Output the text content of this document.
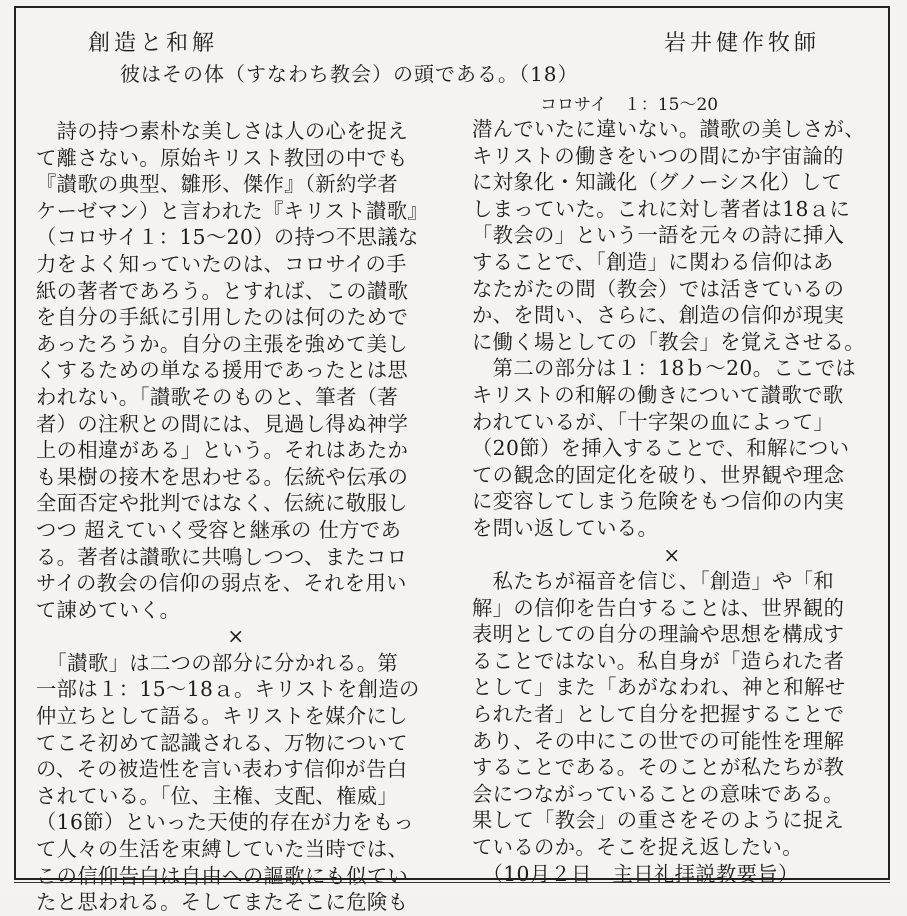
創造と和解	岩井健作牧師
彼はその体（すなわち教会）の頭である。（18）
コロサイ　１：15〜20
　詩の持つ素朴な美しさは人の心を捉え
て離さない。原始キリスト教団の中でも
『讃歌の典型、雛形、傑作』（新約学者
ケーゼマン）と言われた『キリスト讃歌』
（コロサイ１：15〜20）の持つ不思議な
力をよく知っていたのは、コロサイの手
紙の著者であろう。とすれば、この讃歌
を自分の手紙に引用したのは何のためで
あったろうか。自分の主張を強めて美し
くするための単なる援用であったとは思
われない。「讃歌そのものと、筆者（著
者）の注釈との間には、見過し得ぬ神学
上の相違がある」という。それはあたか
も果樹の接木を思わせる。伝統や伝承の
全面否定や批判ではなく、伝統に敬服し
つつ 超えていく受容と継承の 仕方であ
る。著者は讃歌に共鳴しつつ、またコロ
サイの教会の信仰の弱点を、それを用い
て諌めていく。
×
　「讃歌」は二つの部分に分かれる。第
一部は１：15〜18ａ。キリストを創造の
仲立ちとして語る。キリストを媒介にし
てこそ初めて認識される、万物について
の、その被造性を言い表わす信仰が告白
されている。「位、主権、支配、権威」
（16節）といった天使的存在が力をもっ
て人々の生活を束縛していた当時では、
この信仰告白は自由への謳歌にも似てい
たと思われる。そしてまたそこに危険も
潜んでいたに違いない。讃歌の美しさが、
キリストの働きをいつの間にか宇宙論的
に対象化・知識化（グノーシス化）して
しまっていた。これに対し著者は18ａに
「教会の」という一語を元々の詩に挿入
することで、「創造」に関わる信仰はあ
なたがたの間（教会）では活きているの
か、を問い、さらに、創造の信仰が現実
に働く場としての「教会」を覚えさせる。
　第二の部分は１：18ｂ〜20。ここでは
キリストの和解の働きについて讃歌で歌
われているが、「十字架の血によって」
（20節）を挿入することで、和解につい
ての観念的固定化を破り、世界観や理念
に変容してしまう危険をもつ信仰の内実
を問い返している。
×
　私たちが福音を信じ、「創造」や「和
解」の信仰を告白することは、世界観的
表明としての自分の理論や思想を構成す
ることではない。私自身が「造られた者
として」また「あがなわれ、神と和解せ
られた者」として自分を把握することで
あり、その中にこの世での可能性を理解
することである。そのことが私たちが教
会につながっていることの意味である。
果して「教会」の重さをそのように捉え
ているのか。そこを捉え返したい。
　（10月２日　主日礼拝説教要旨）
